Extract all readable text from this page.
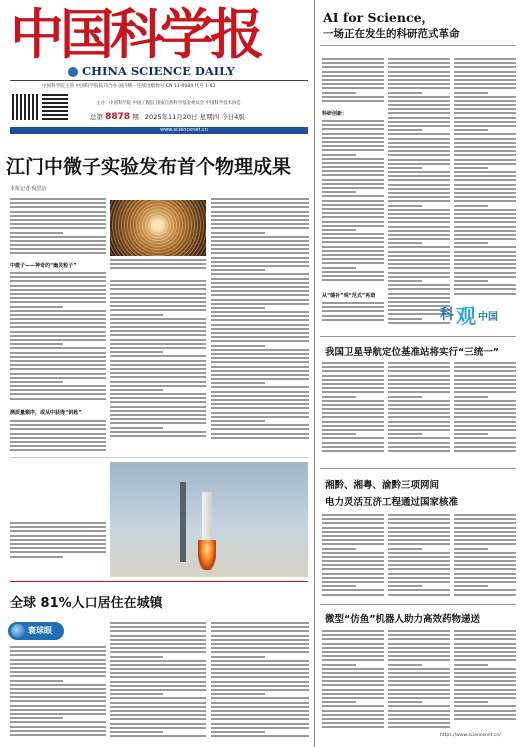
中国科学报
CHINA SCIENCE DAILY
中国科学院主管 中国科学院院刊合办 国内统一连续出版物号 CN 11-0084 代号 1-82
主办：中国科学院 中国工程院 国家自然科学基金委员会 中国科学技术协会
总第 8878 期 2025年11月20日 星期四 今日4版
www.sciencenet.cn
江门中微子实验发布首个物理成果
本报记者 倪思洁
中微子——神奇的“幽灵粒子”
测质量顺序，或从中获得“钥匙”
全球 81%人口居住在城镇
寰球眼
AI for Science，
一场正在发生的科研范式革命
科研创新：
从“缝补”到“范式”再造
科 观 中国
我国卫星导航定位基准站将实行“三统一”
湘黔、湘粤、渝黔三项网间
电力灵活互济工程通过国家核准
微型“仿鱼”机器人助力高效药物递送
https://www.sciencenet.cn/
